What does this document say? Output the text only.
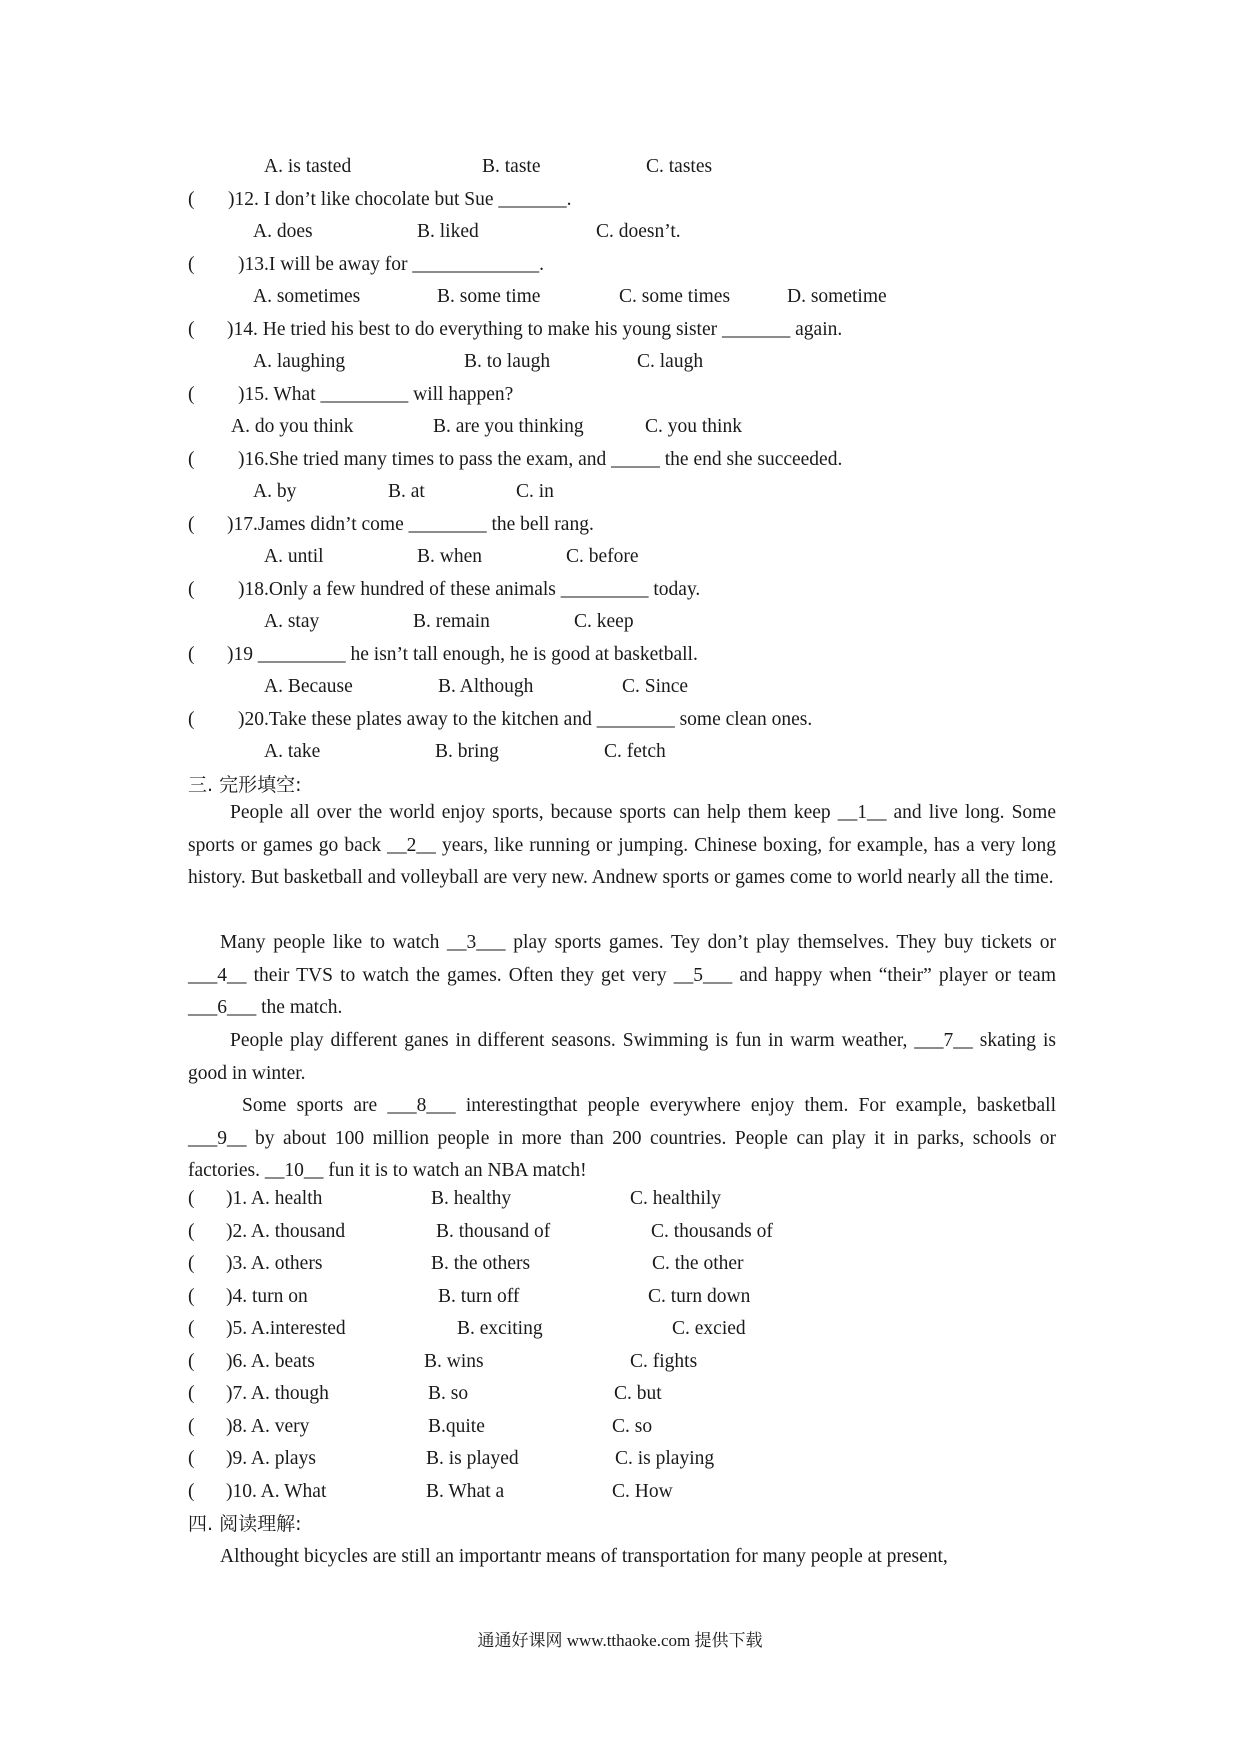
A. is tasted	B. taste	C. tastes
( )12. I don’t like chocolate but Sue _______.
A. does	B. liked	C. doesn’t.
( )13.I will be away for _____________.
A. sometimes	B. some time	C. some times	D. sometime
( )14. He tried his best to do everything to make his young sister _______ again.
A. laughing	B. to laugh	C. laugh
( )15. What _________ will happen?
A. do you think	B. are you thinking	C. you think
( )16.She tried many times to pass the exam, and _____ the end she succeeded.
A. by	B. at	C. in
( )17.James didn’t come ________ the bell rang.
A. until	B. when	C. before
( )18.Only a few hundred of these animals _________ today.
A. stay	B. remain	C. keep
( )19 _________ he isn’t tall enough, he is good at basketball.
A. Because	B. Although	C. Since
( )20.Take these plates away to the kitchen and ________ some clean ones.
A. take	B. bring	C. fetch
三. 完形填空:
People all over the world enjoy sports, because sports can help them keep __1__ and live long. Some sports or games go back __2__ years, like running or jumping. Chinese boxing, for example, has a very long history. But basketball and volleyball are very new. Andnew sports or games come to world nearly all the time.
Many people like to watch __3___ play sports games. Tey don’t play themselves. They buy tickets or ___4__ their TVS to watch the games. Often they get very __5___ and happy when “their” player or team ___6___ the match.
People play different ganes in different seasons. Swimming is fun in warm weather, ___7__ skating is good in winter.
Some sports are ___8___ interestingthat people everywhere enjoy them. For example, basketball ___9__ by about 100 million people in more than 200 countries. People can play it in parks, schools or factories. __10__ fun it is to watch an NBA match!
( )1. A. health	B. healthy	C. healthily
( )2. A. thousand	B. thousand of	C. thousands of
( )3. A. others	B. the others	C. the other
( )4. turn on	B. turn off	C. turn down
( )5. A.interested	B. exciting	C. excied
( )6. A. beats	B. wins	C. fights
( )7. A. though	B. so	C. but
( )8. A. very	B.quite	C. so
( )9. A. plays	B. is played	C. is playing
( )10. A. What	B. What a	C. How
四. 阅读理解:
Althought bicycles are still an importantr means of transportation for many people at present,
通通好课网 www.tthaoke.com 提供下载
